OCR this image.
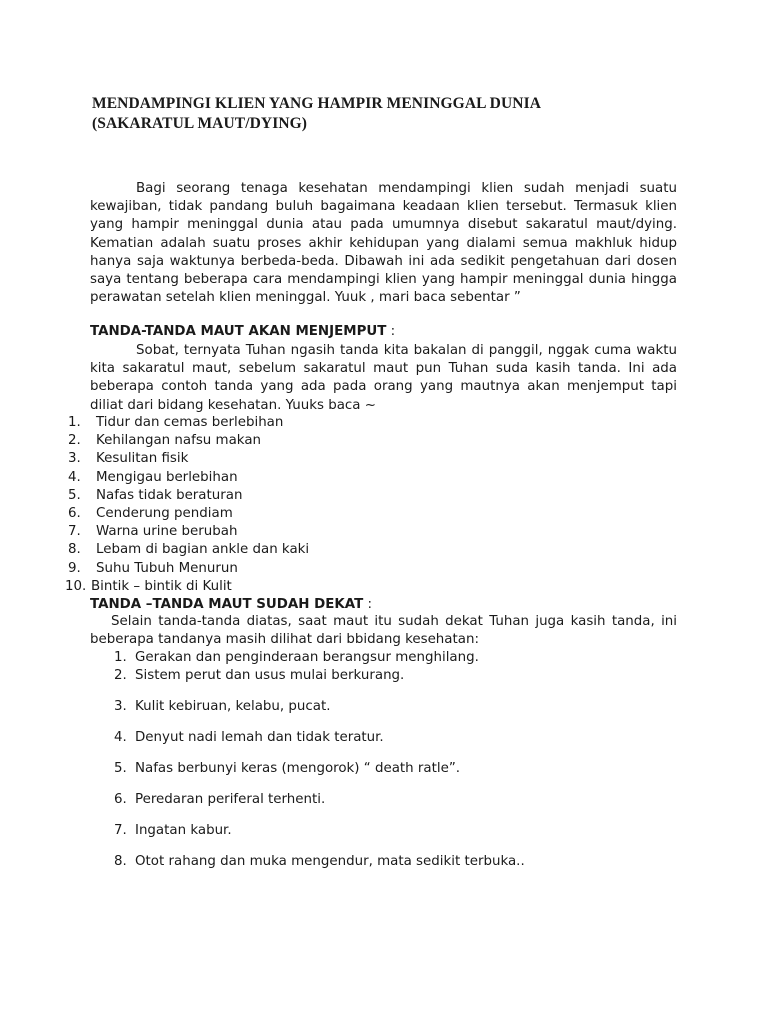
MENDAMPINGI KLIEN YANG HAMPIR MENINGGAL DUNIA
(SAKARATUL MAUT/DYING)

Bagi seorang tenaga kesehatan mendampingi klien sudah menjadi suatu kewajiban, tidak pandang buluh bagaimana keadaan klien tersebut. Termasuk klien yang hampir meninggal dunia atau pada umumnya disebut sakaratul maut/dying. Kematian adalah suatu proses akhir kehidupan yang dialami semua makhluk hidup hanya saja waktunya berbeda-beda. Dibawah ini ada sedikit pengetahuan dari dosen saya tentang beberapa cara mendampingi klien yang hampir meninggal dunia hingga perawatan setelah klien meninggal. Yuuk , mari baca sebentar ”

TANDA-TANDA MAUT AKAN MENJEMPUT :

Sobat, ternyata Tuhan ngasih tanda kita bakalan di panggil, nggak cuma waktu kita sakaratul maut, sebelum sakaratul maut pun Tuhan suda kasih tanda. Ini ada beberapa contoh tanda yang ada pada orang yang mautnya akan menjemput tapi diliat dari bidang kesehatan. Yuuks baca ~

1.	Tidur dan cemas berlebihan
2.	Kehilangan nafsu makan
3.	Kesulitan fisik
4.	Mengigau berlebihan
5.	Nafas tidak beraturan
6.	Cenderung pendiam
7.	Warna urine berubah
8.	Lebam di bagian ankle dan kaki
9.	Suhu Tubuh Menurun
10. Bintik – bintik di Kulit
TANDA –TANDA MAUT SUDAH DEKAT :

Selain tanda-tanda diatas, saat maut itu sudah dekat Tuhan juga kasih tanda, ini beberapa tandanya masih dilihat dari bbidang kesehatan:

1. Gerakan dan penginderaan berangsur menghilang.
2. Sistem perut dan usus mulai berkurang.
3. Kulit kebiruan, kelabu, pucat.
4. Denyut nadi lemah dan tidak teratur.
5. Nafas berbunyi keras (mengorok) “ death ratle”.
6. Peredaran periferal terhenti.
7. Ingatan kabur.
8. Otot rahang dan muka mengendur, mata sedikit terbuka..
